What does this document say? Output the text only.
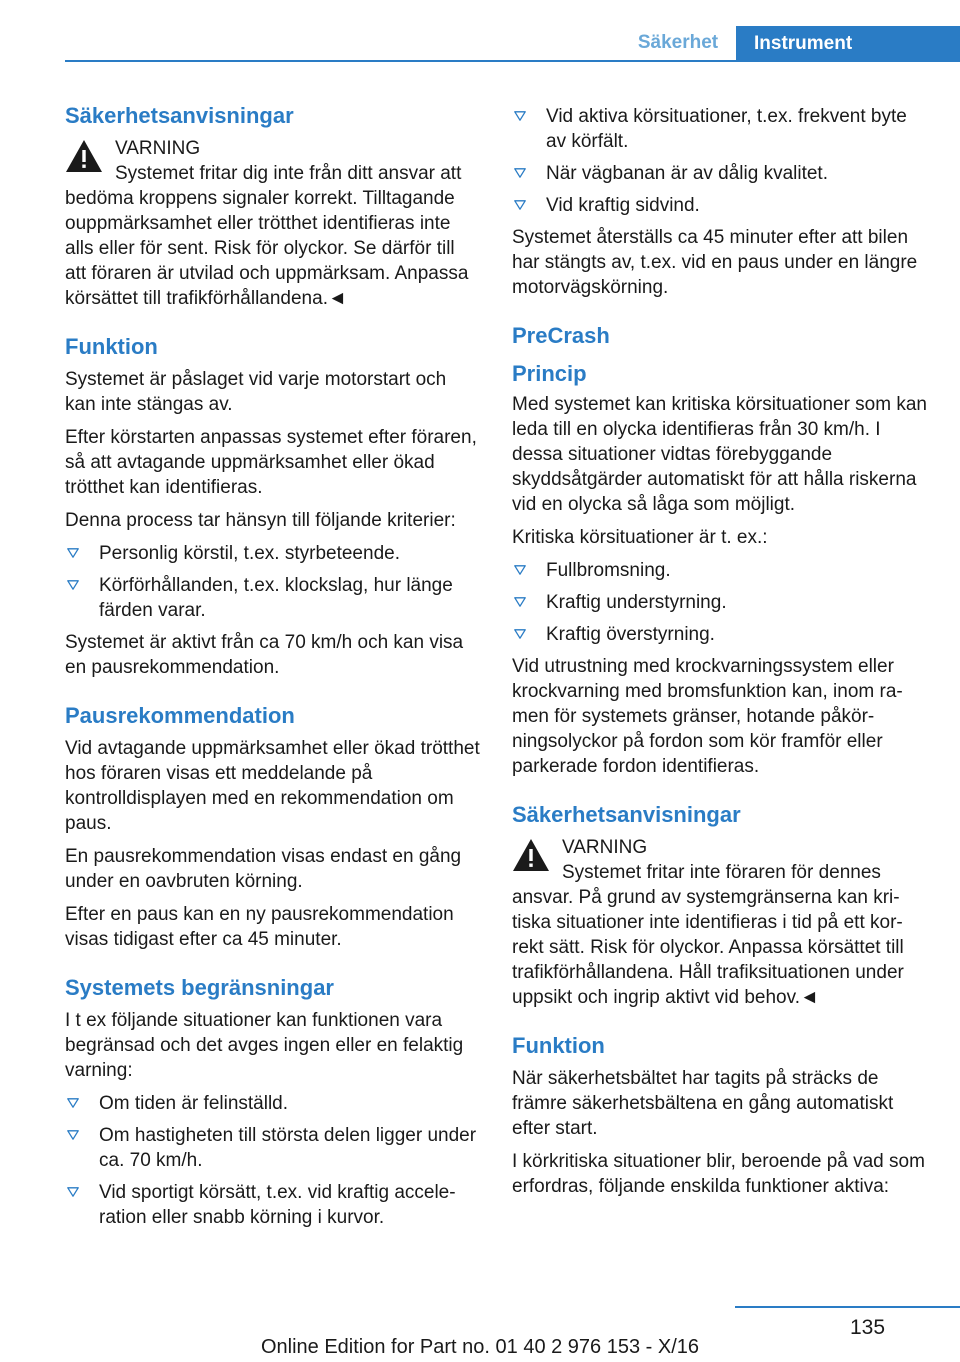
Säkerhet	Instrument
Säkerhetsanvisningar
VARNING
Systemet fritar dig inte från ditt ansvar att bedöma kroppens signaler korrekt. Tilltagande ouppmärksamhet eller trötthet identifieras inte alls eller för sent. Risk för olyckor. Se därför till att föraren är utvilad och uppmärksam. Anpassa körsättet till trafikförhållandena.◄
Funktion

Systemet är påslaget vid varje motorstart och kan inte stängas av.

Efter körstarten anpassas systemet efter föraren, så att avtagande uppmärksamhet eller ökad trötthet kan identifieras.

Denna process tar hänsyn till följande kriterier:

Personlig körstil, t.ex. styrbeteende.
Körförhållanden, t.ex. klockslag, hur länge färden varar.

Systemet är aktivt från ca 70 km/h och kan visa en pausrekommendation.

Pausrekommendation

Vid avtagande uppmärksamhet eller ökad trötthet hos föraren visas ett meddelande på kontrolldisplayen med en rekommendation om paus.

En pausrekommendation visas endast en gång under en oavbruten körning.

Efter en paus kan en ny pausrekommendation visas tidigast efter ca 45 minuter.

Systemets begränsningar

I t ex följande situationer kan funktionen vara begränsad och det avges ingen eller en felaktig varning:

Om tiden är felinställd.
Om hastigheten till största delen ligger under ca. 70 km/h.
Vid sportigt körsätt, t.ex. vid kraftig acceleration eller snabb körning i kurvor.
Vid aktiva körsituationer, t.ex. frekvent byte av körfält.
När vägbanan är av dålig kvalitet.
Vid kraftig sidvind.

Systemet återställs ca 45 minuter efter att bilen har stängts av, t.ex. vid en paus under en längre motorvägskörning.

PreCrash
Princip

Med systemet kan kritiska körsituationer som kan leda till en olycka identifieras från 30 km/h. I dessa situationer vidtas förebyggande skyddsåtgärder automatiskt för att hålla riskerna vid en olycka så låga som möjligt.

Kritiska körsituationer är t. ex.:

Fullbromsning.
Kraftig understyrning.
Kraftig överstyrning.

Vid utrustning med krockvarningssystem eller krockvarning med bromsfunktion kan, inom ramen för systemets gränser, hotande påkörningsolyckor på fordon som kör framför eller parkerade fordon identifieras.

Säkerhetsanvisningar
VARNING
Systemet fritar inte föraren för dennes ansvar. På grund av systemgränserna kan kritiska situationer inte identifieras i tid på ett korrekt sätt. Risk för olyckor. Anpassa körsättet till trafikförhållandena. Håll trafiksituationen under uppsikt och ingrip aktivt vid behov.◄
Funktion

När säkerhetsbältet har tagits på sträcks de främre säkerhetsbältena en gång automatiskt efter start.

I körkritiska situationer blir, beroende på vad som erfordras, följande enskilda funktioner aktiva:

135
Online Edition for Part no. 01 40 2 976 153 - X/16
